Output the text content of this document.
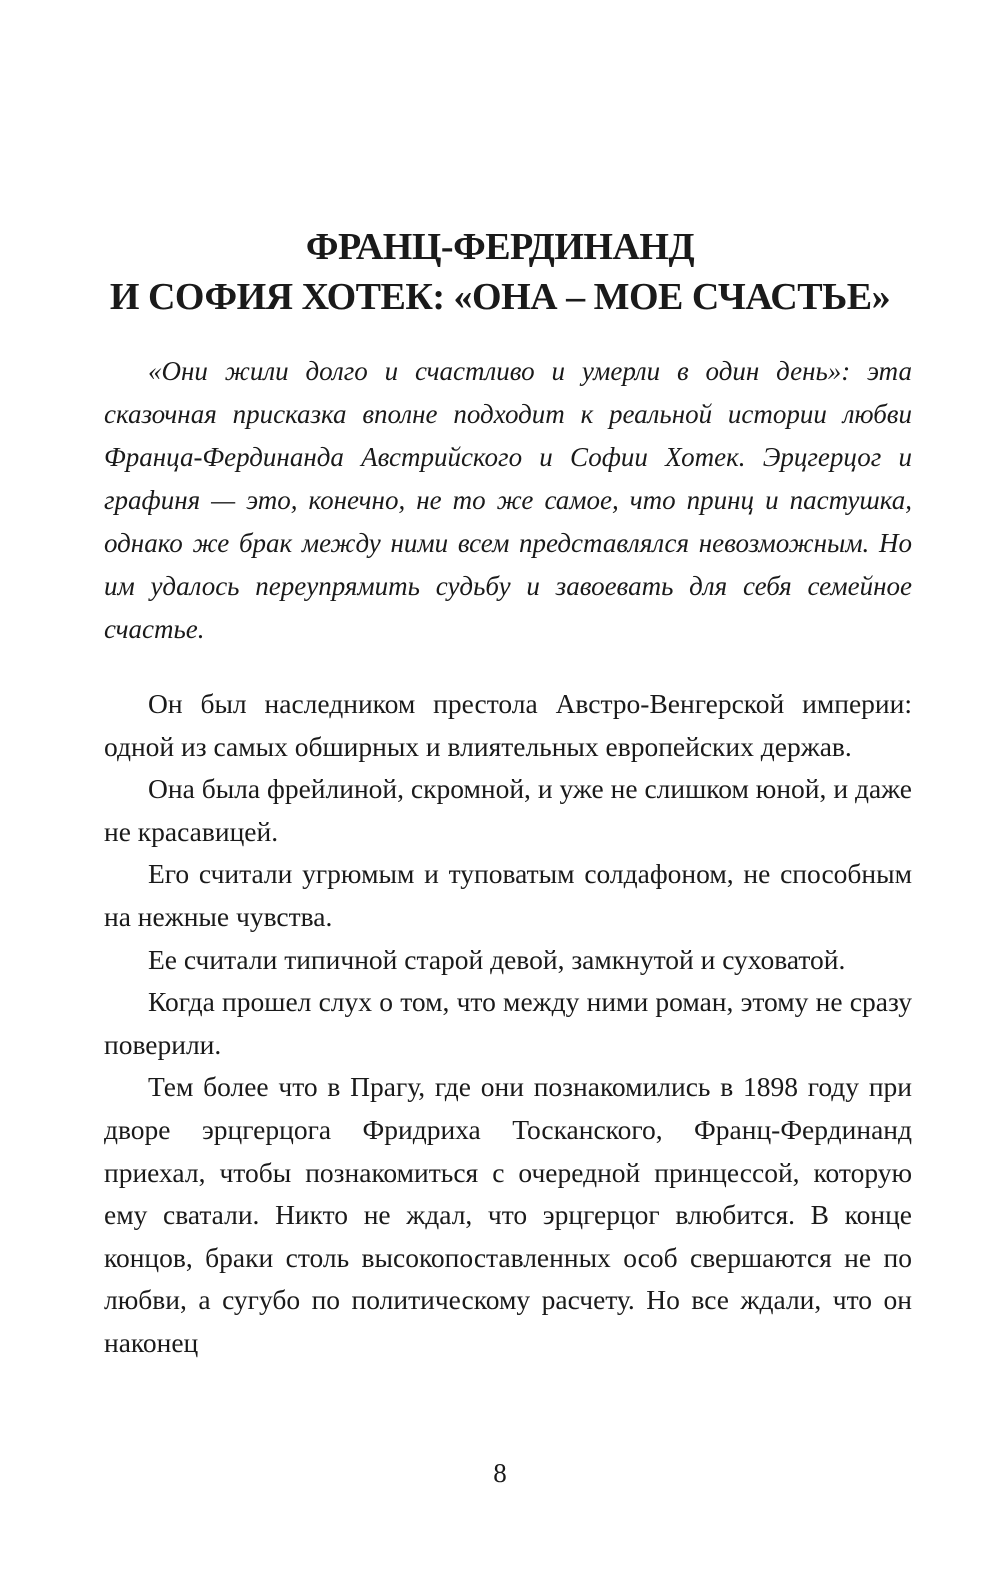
ФРАНЦ-ФЕРДИНАНД
И СОФИЯ ХОТЕК: «ОНА – МОЕ СЧАСТЬЕ»

«Они жили долго и счастливо и умерли в один день»: эта сказочная присказка вполне подходит к реальной истории любви Франца-Фердинанда Австрийского и Софии Хотек. Эрцгерцог и графиня — это, конечно, не то же самое, что принц и пастушка, однако же брак между ними всем представлялся невозможным. Но им удалось переупрямить судьбу и завоевать для себя семейное счастье.

Он был наследником престола Австро-Венгерской империи: одной из самых обширных и влиятельных европейских держав.

Она была фрейлиной, скромной, и уже не слишком юной, и даже не красавицей.

Его считали угрюмым и туповатым солдафоном, не способным на нежные чувства.

Ее считали типичной старой девой, замкнутой и суховатой.

Когда прошел слух о том, что между ними роман, этому не сразу поверили.

Тем более что в Прагу, где они познакомились в 1898 году при дворе эрцгерцога Фридриха Тосканского, Франц-Фердинанд приехал, чтобы познакомиться с очередной принцессой, которую ему сватали. Никто не ждал, что эрцгерцог влюбится. В конце концов, браки столь высокопоставленных особ свершаются не по любви, а сугубо по политическому расчету. Но все ждали, что он наконец

8
